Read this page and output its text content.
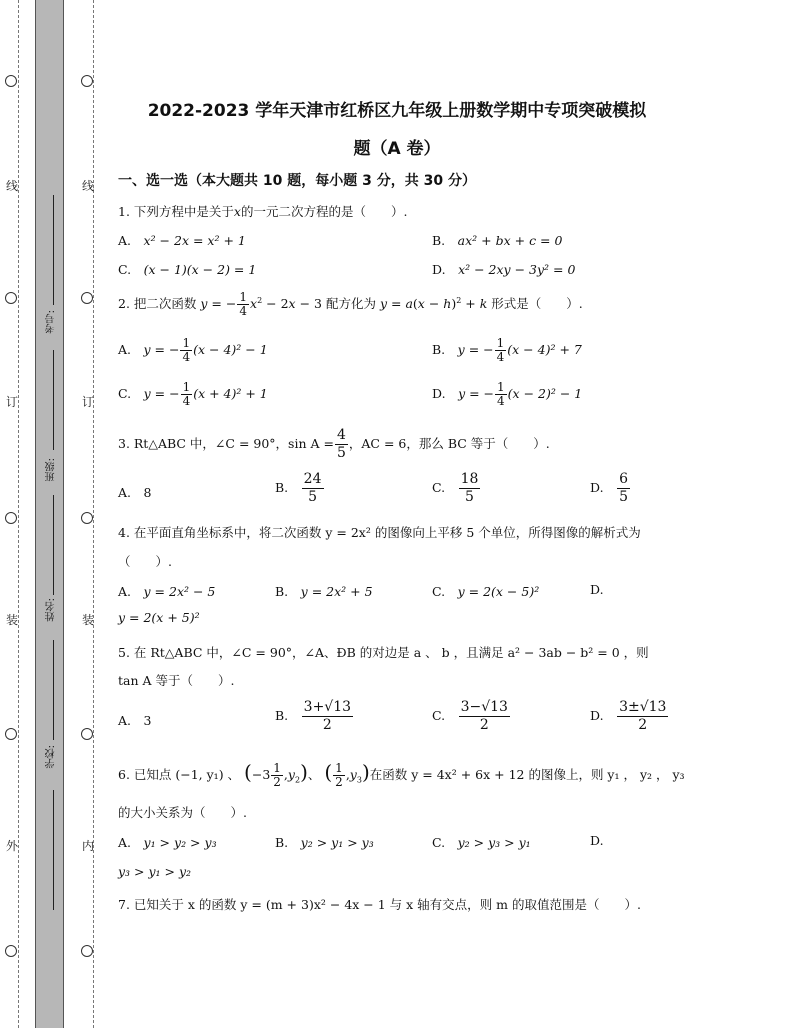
线
订
装
外
线
订
装
内
考号:
班级:
姓名:
学校:
2022-2023 学年天津市红桥区九年级上册数学期中专项突破模拟
题（A 卷）
一、选一选（本大题共 10 题，每小题 3 分，共 30 分）
1. 下列方程中是关于x的一元二次方程的是（　　）.
A.　x² − 2x = x² + 1	B.　ax² + bx + c = 0
C.　(x − 1)(x − 2) = 1	D.　x² − 2xy − 3y² = 0
2. 把二次函数 y = − $\frac{1}{4} x^2 - 2x - 3$ 配方化为 $y = a(x - h)^2 + k$ 形式是（　　）.
A.　y = − $\frac{1}{4} (x - 4)^2 - 1$	B.　y = − $\frac{1}{4} (x - 4)^2 + 7$
C.　y = − $\frac{1}{4} (x + 4)^2 + 1$	D.　y = − $\frac{1}{4} (x - 2)^2 - 1$
3. Rt△ABC 中，∠C = 90°，$\sin A = \frac{4}{5}$ ，AC = 6，那么 BC 等于（　　）.
A.　8	B.　 $\frac{24}{5}$	C.　 $\frac{18}{5}$	D.　 $\frac{6}{5}$
4. 在平面直角坐标系中，将二次函数 y = 2x² 的图像向上平移 5 个单位，所得图像的解析式为
（　　）.
A.　y = 2x² − 5	B.　y = 2x² + 5	C.　y = 2(x − 5)²	D.
y = 2(x + 5)²
5. 在 Rt△ABC 中，∠C = 90°，∠A、ÐB 的对边是 a 、 b ，且满足 a² − 3ab − b² = 0 ，则
tan A 等于（　　）.
A.　3	B.　 $\frac{3+√13}{2}$	C.　 $\frac{3-√13}{2}$	D.　 $\frac{3\pm√13}{2}$
6. 已知点 (−1, y₁) 、 $(-3 \frac{1}{2} ,y_2)$、 ( $\frac{1}{2} ,y_3$)在函数 y = 4x² + 6x + 12 的图像上，则 y₁ ， y₂ ， y₃
的大小关系为（　　）.
A.　y₁ > y₂ > y₃	B.　y₂ > y₁ > y₃	C.　y₂ > y₃ > y₁	D.
y₃ > y₁ > y₂
7. 已知关于 x 的函数 y = (m + 3)x² − 4x − 1 与 x 轴有交点，则 m 的取值范围是（　　）.
